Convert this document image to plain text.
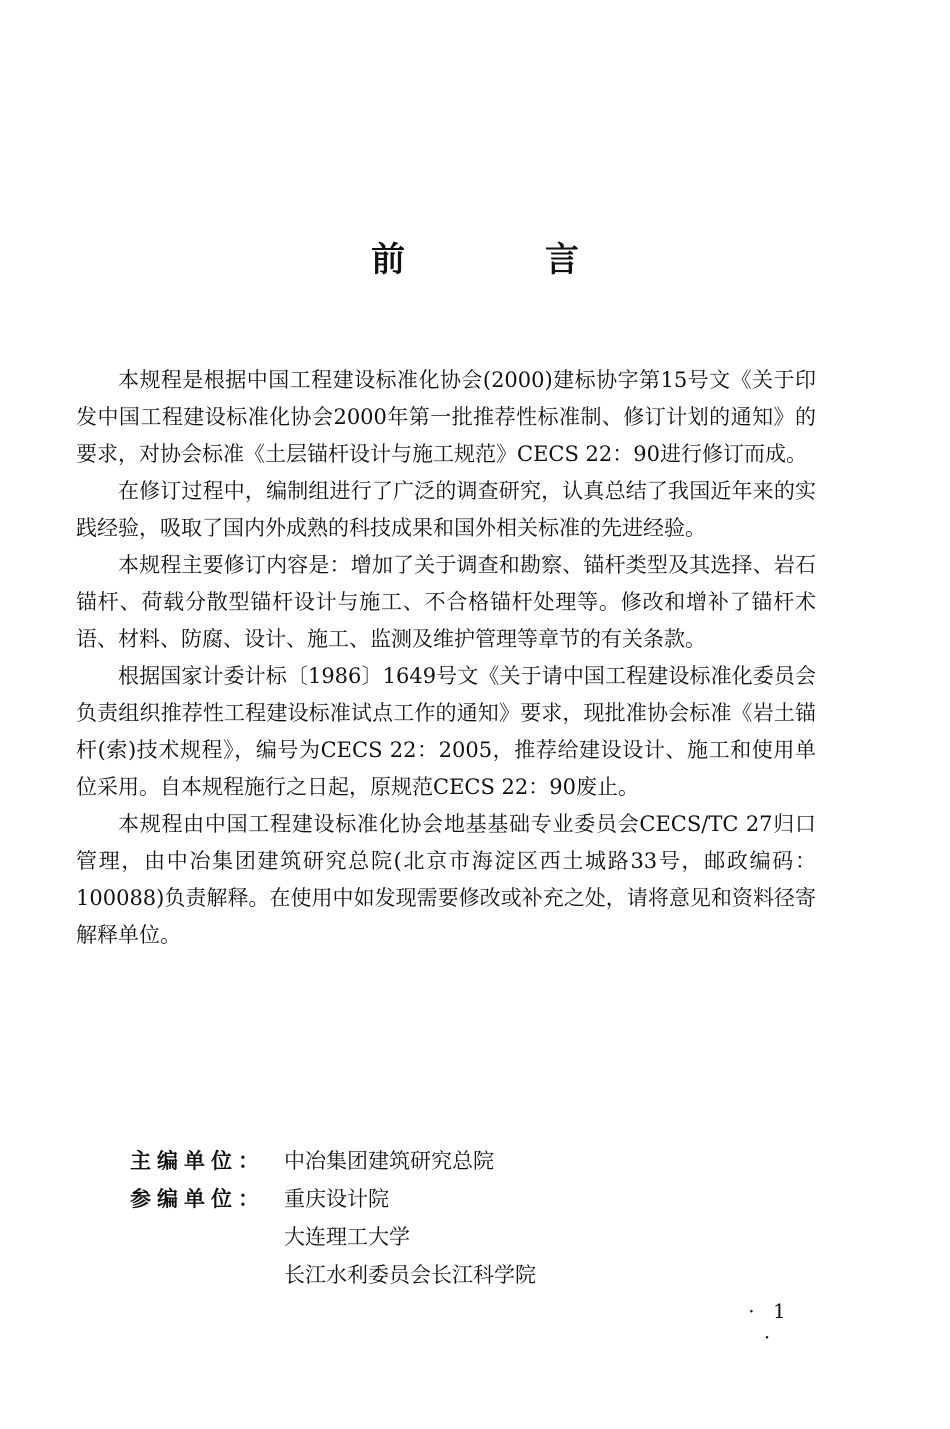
前 言

本规程是根据中国工程建设标准化协会(2000)建标协字第15号文《关于印发中国工程建设标准化协会2000年第一批推荐性标准制、修订计划的通知》的要求，对协会标准《土层锚杆设计与施工规范》CECS 22：90进行修订而成。

在修订过程中，编制组进行了广泛的调查研究，认真总结了我国近年来的实践经验，吸取了国内外成熟的科技成果和国外相关标准的先进经验。

本规程主要修订内容是：增加了关于调查和勘察、锚杆类型及其选择、岩石锚杆、荷载分散型锚杆设计与施工、不合格锚杆处理等。修改和增补了锚杆术语、材料、防腐、设计、施工、监测及维护管理等章节的有关条款。

根据国家计委计标〔1986〕1649号文《关于请中国工程建设标准化委员会负责组织推荐性工程建设标准试点工作的通知》要求，现批准协会标准《岩土锚杆(索)技术规程》，编号为CECS 22：2005，推荐给建设设计、施工和使用单位采用。自本规程施行之日起，原规范CECS 22：90废止。

本规程由中国工程建设标准化协会地基基础专业委员会CECS/TC 27归口管理，由中冶集团建筑研究总院(北京市海淀区西土城路33号，邮政编码：100088)负责解释。在使用中如发现需要修改或补充之处，请将意见和资料径寄解释单位。

主编单位： 中冶集团建筑研究总院
参编单位： 重庆设计院
大连理工大学
长江水利委员会长江科学院
· 1 ·
